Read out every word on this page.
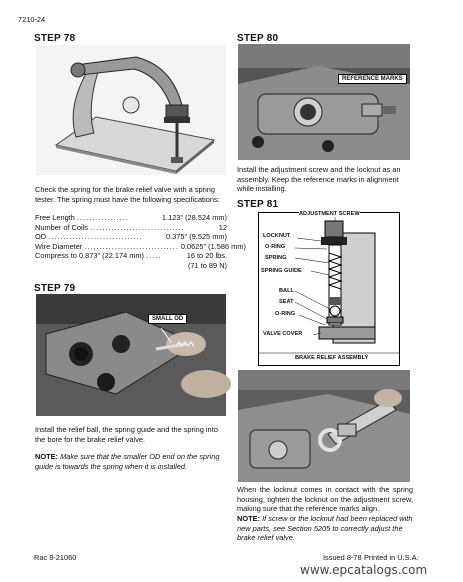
7210-24
STEP 78
Check the spring for the brake relief valve with a spring tester. The spring must have the following specifications:
Free Length .................	1.123" (28.524 mm)
Number of Coils ...............................	12
OD ...............................	0.375" (9.525 mm)
Wire Diameter ............................... 0.0625" (1.586 mm)
Compress to 0.873" (22.174 mm) .....	16 to 20 lbs.
(71 to 89 N)
STEP 79
SMALL OD
Install the relief ball, the spring guide and the spring into the bore for the brake relief valve.
NOTE: Make sure that the smaller OD end on the spring guide is towards the spring when it is installed.
STEP 80
REFERENCE MARKS
Install the adjustment screw and the locknut as an assembly. Keep the reference marks in alignment while installing.
STEP 81
ADJUSTMENT SCREW
LOCKNUT
O-RING
SPRING
SPRING GUIDE
BALL
SEAT
O-RING
VALVE COVER
BRAKE RELIEF ASSEMBLY
When the locknut comes in contact with the spring housing, tighten the locknut on the adjustment screw, making sure that the reference marks align.
NOTE: If screw or the locknut had been replaced with new parts, see Section 5205 to correctly adjust the brake relief valve.
Rac 8-21060	Issued 8-78 Printed in U.S.A.
www.epcatalogs.com
